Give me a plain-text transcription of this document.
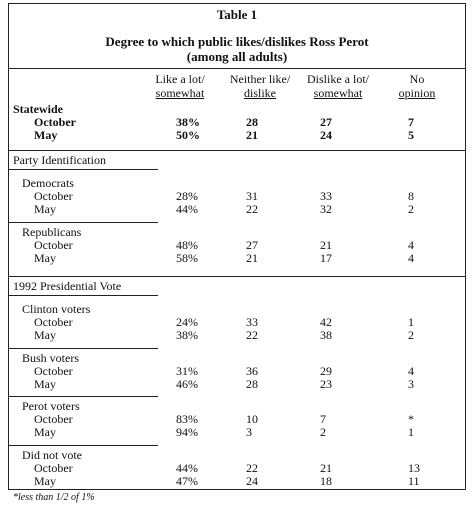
Table 1
Degree to which public likes/dislikes Ross Perot
(among all adults)
Like a lot/
somewhat
Neither like/
dislike
Dislike a lot/
somewhat
No
opinion
Statewide
October	38%	28	27	7
May	50%	21	24	5
Party Identification
Democrats
October	28%	31	33	8
May	44%	22	32	2
Republicans
October	48%	27	21	4
May	58%	21	17	4
1992 Presidential Vote
Clinton voters
October	24%	33	42	1
May	38%	22	38	2
Bush voters
October	31%	36	29	4
May	46%	28	23	3
Perot voters
October	83%	10	7	*
May	94%	3	2	1
Did not vote
October	44%	22	21	13
May	47%	24	18	11
*less than 1/2 of 1%
